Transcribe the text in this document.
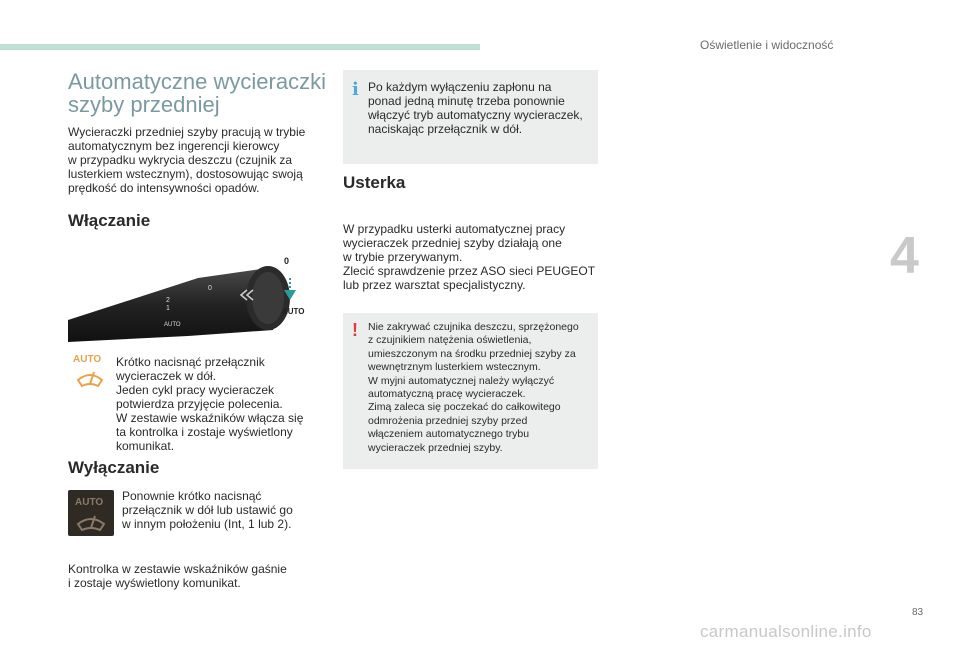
Oświetlenie i widoczność
4
Automatyczne wycieraczki szyby przedniej

Wycieraczki przedniej szyby pracują w trybie
automatycznym bez ingerencji kierowcy
w przypadku wykrycia deszczu (czujnik za
lusterkiem wstecznym), dostosowując swoją
prędkość do intensywności opadów.

Włączanie
0
2
1
AUTO
0
AUTO
AUTO Krótko nacisnąć przełącznik
wycieraczek w dół.
Jeden cykl pracy wycieraczek
potwierdza przyjęcie polecenia.
W zestawie wskaźników włącza się
ta kontrolka i zostaje wyświetlony
komunikat.

Wyłączanie
AUTO Ponownie krótko nacisnąć
przełącznik w dół lub ustawić go
w innym położeniu (Int, 1 lub 2).

Kontrolka w zestawie wskaźników gaśnie
i zostaje wyświetlony komunikat.

i Po każdym wyłączeniu zapłonu na
ponad jedną minutę trzeba ponownie
włączyć tryb automatyczny wycieraczek,
naciskając przełącznik w dół.

Usterka

W przypadku usterki automatycznej pracy
wycieraczek przedniej szyby działają one
w trybie przerywanym.
Zlecić sprawdzenie przez ASO sieci PEUGEOT
lub przez warsztat specjalistyczny.

! Nie zakrywać czujnika deszczu, sprzężonego
z czujnikiem natężenia oświetlenia,
umieszczonym na środku przedniej szyby za
wewnętrznym lusterkiem wstecznym.
W myjni automatycznej należy wyłączyć
automatyczną pracę wycieraczek.
Zimą zaleca się poczekać do całkowitego
odmrożenia przedniej szyby przed
włączeniem automatycznego trybu
wycieraczek przedniej szyby.

83
carmanualsonline.info
